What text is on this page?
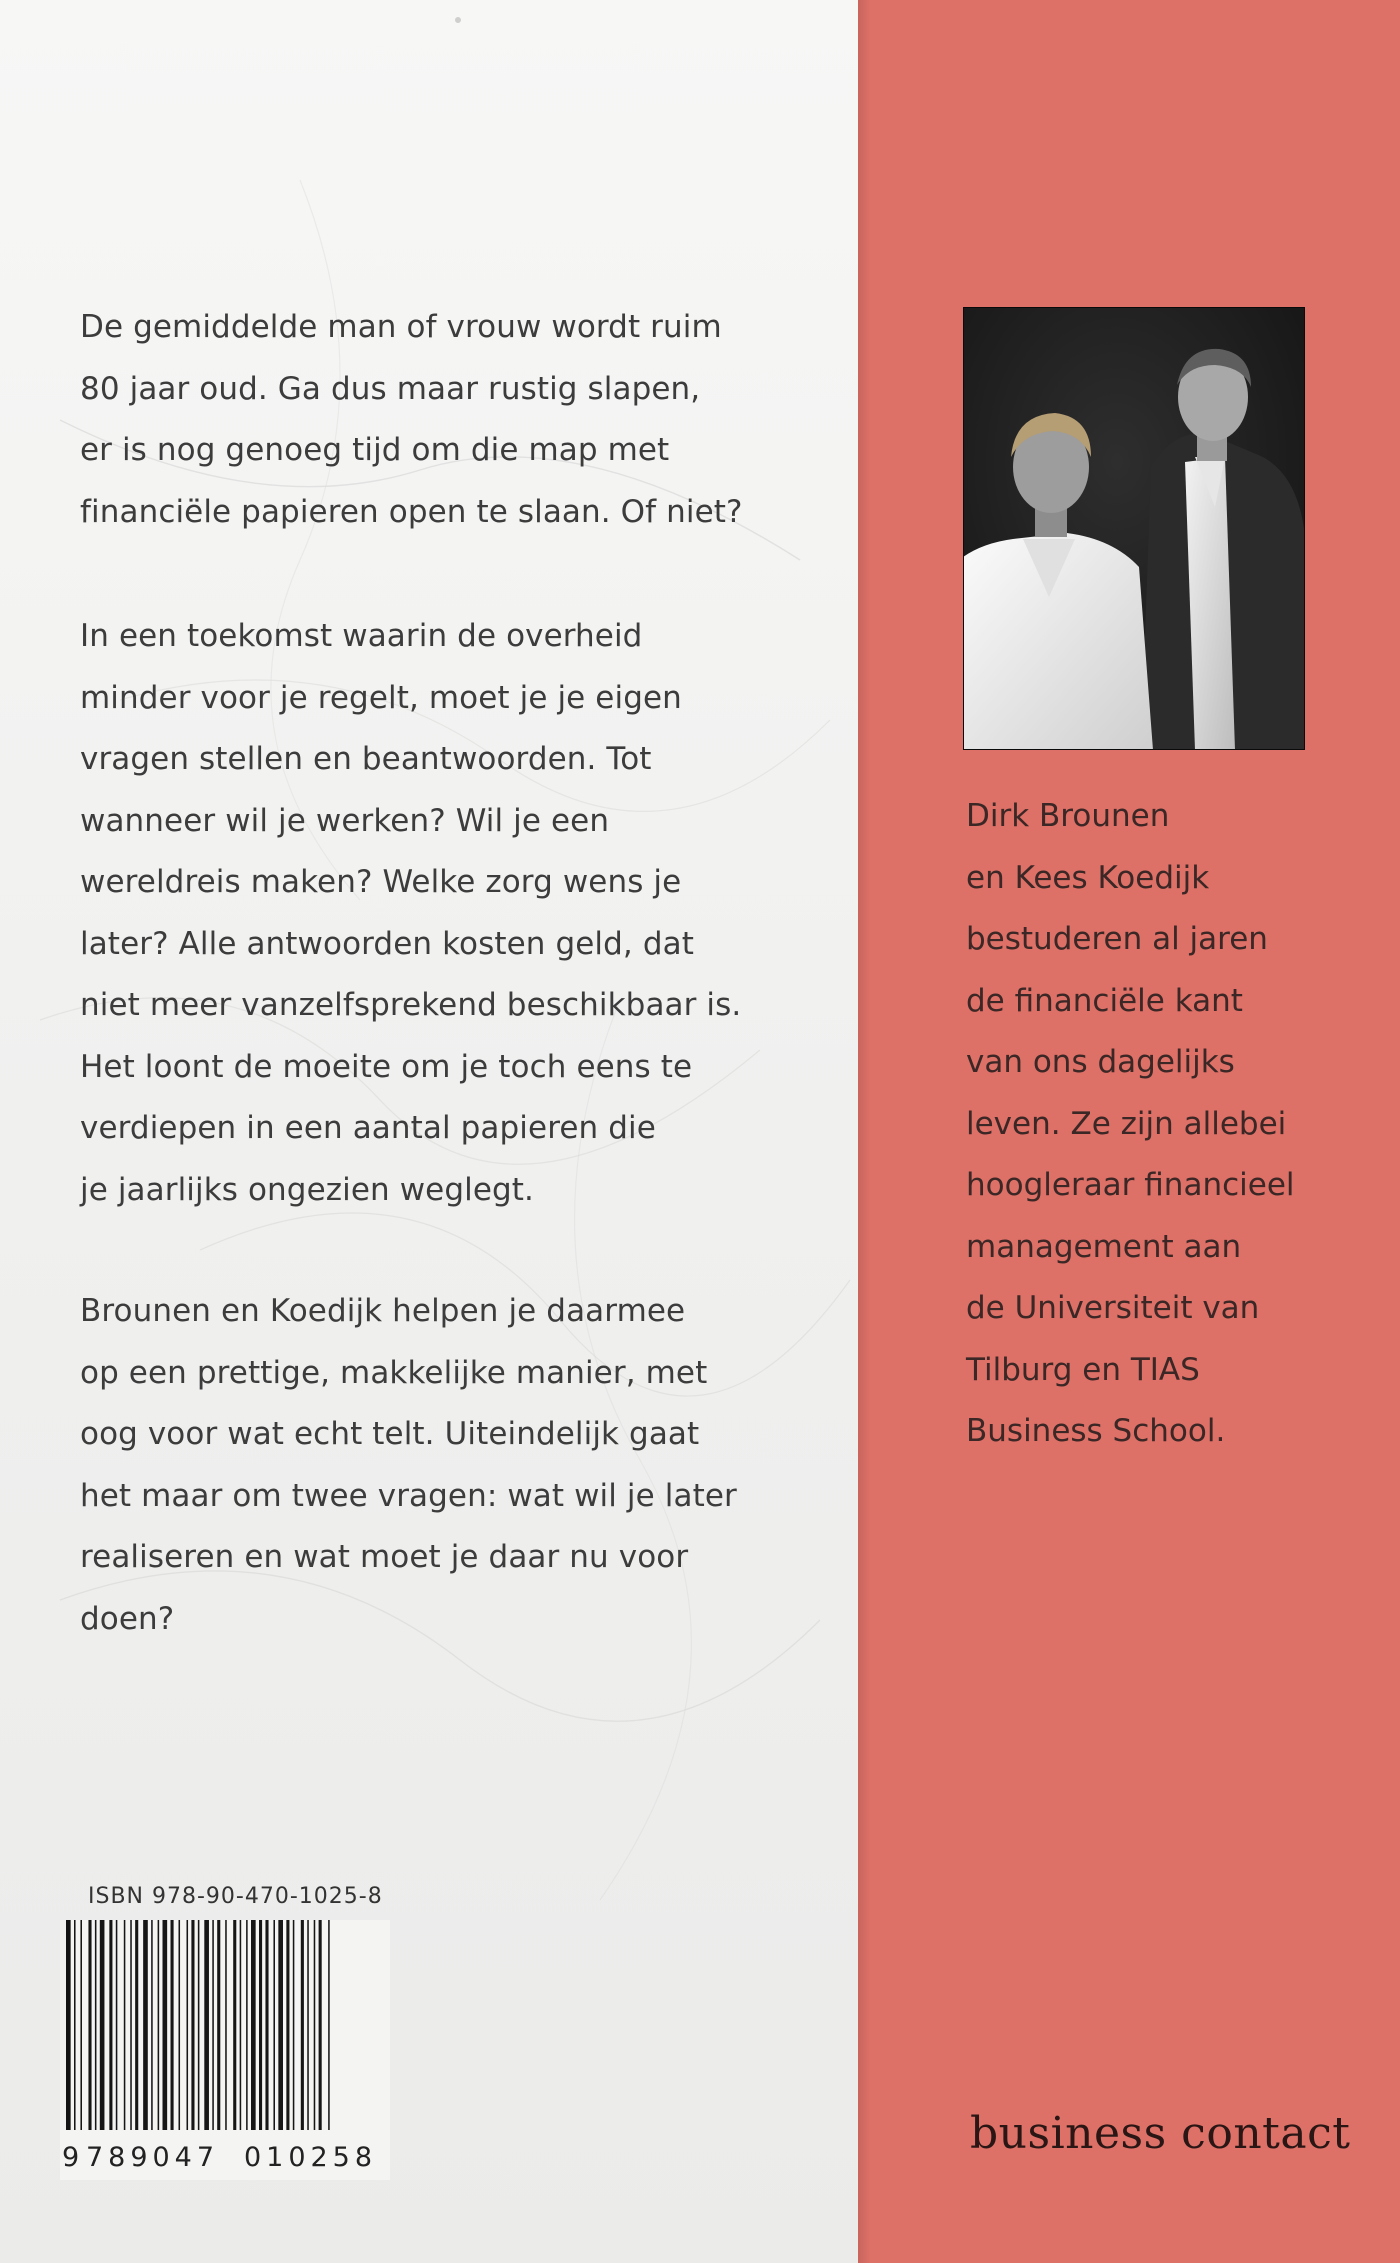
De gemiddelde man of vrouw wordt ruim
80 jaar oud. Ga dus maar rustig slapen,
er is nog genoeg tijd om die map met
financiële papieren open te slaan. Of niet?

In een toekomst waarin de overheid
minder voor je regelt, moet je je eigen
vragen stellen en beantwoorden. Tot
wanneer wil je werken? Wil je een
wereldreis maken? Welke zorg wens je
later? Alle antwoorden kosten geld, dat
niet meer vanzelfsprekend beschikbaar is.
Het loont de moeite om je toch eens te
verdiepen in een aantal papieren die
je jaarlijks ongezien weglegt.

Brounen en Koedijk helpen je daarmee
op een prettige, makkelijke manier, met
oog voor wat echt telt. Uiteindelijk gaat
het maar om twee vragen: wat wil je later
realiseren en wat moet je daar nu voor
doen?

ISBN 978-90-470-1025-8
9 789047 010258

Dirk Brounen
en Kees Koedijk
bestuderen al jaren
de financiële kant
van ons dagelijks
leven. Ze zijn allebei
hoogleraar financieel
management aan
de Universiteit van
Tilburg en TIAS
Business School.

business contact
